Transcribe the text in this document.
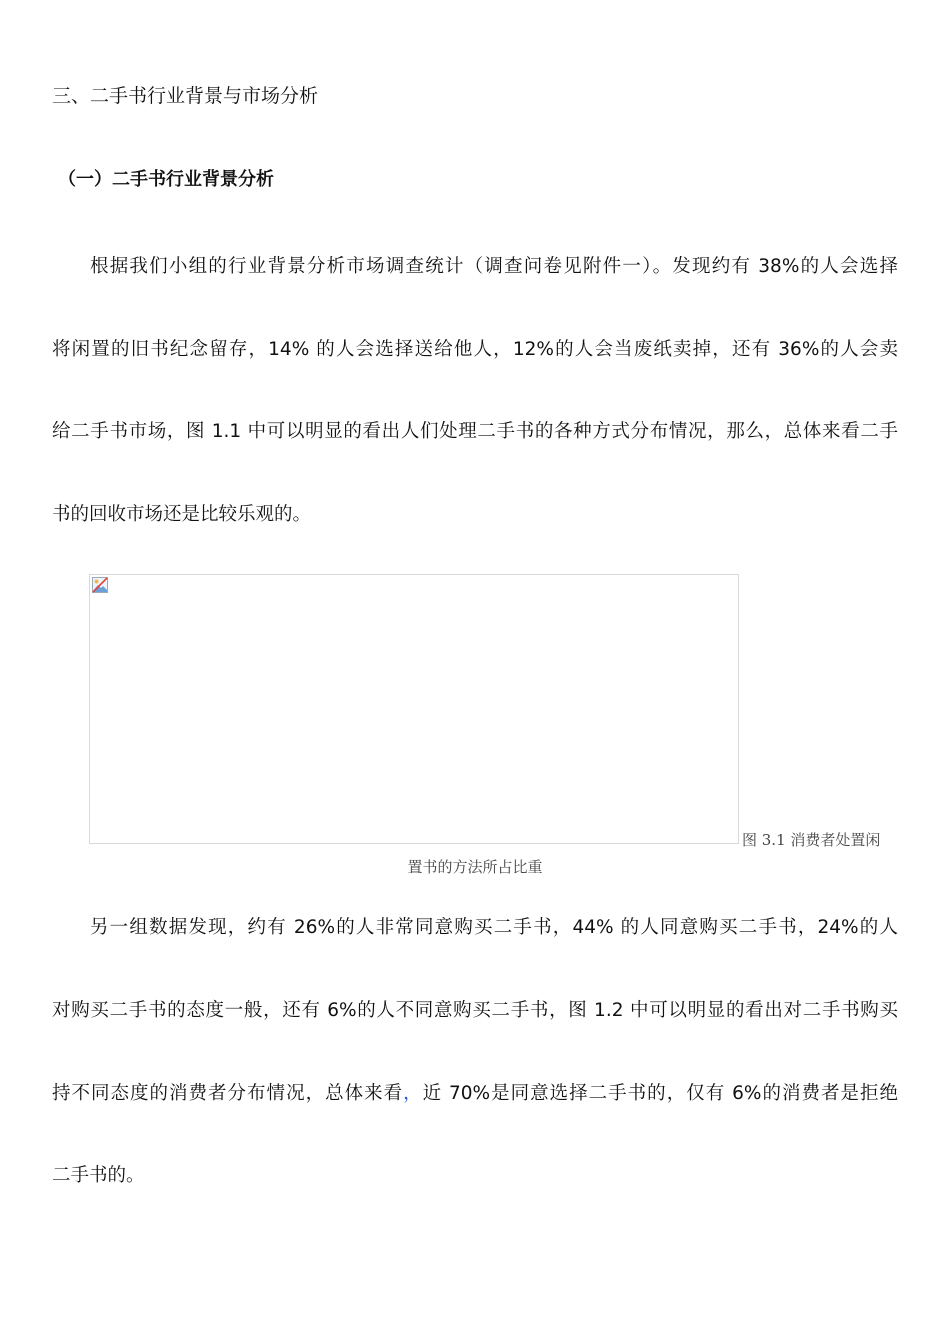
三、二手书行业背景与市场分析
（一）二手书行业背景分析
根据我们小组的行业背景分析市场调查统计（调查问卷见附件一）。发现约有 38%的人会选择
将闲置的旧书纪念留存，14% 的人会选择送给他人，12%的人会当废纸卖掉，还有 36%的人会卖
给二手书市场，图 1.1 中可以明显的看出人们处理二手书的各种方式分布情况，那么，总体来看二手
书的回收市场还是比较乐观的。
图 3.1 消费者处置闲
置书的方法所占比重
另一组数据发现，约有 26%的人非常同意购买二手书，44% 的人同意购买二手书，24%的人
对购买二手书的态度一般，还有 6%的人不同意购买二手书，图 1.2 中可以明显的看出对二手书购买
持不同态度的消费者分布情况，总体来看，近 70%是同意选择二手书的，仅有 6%的消费者是拒绝
二手书的。
